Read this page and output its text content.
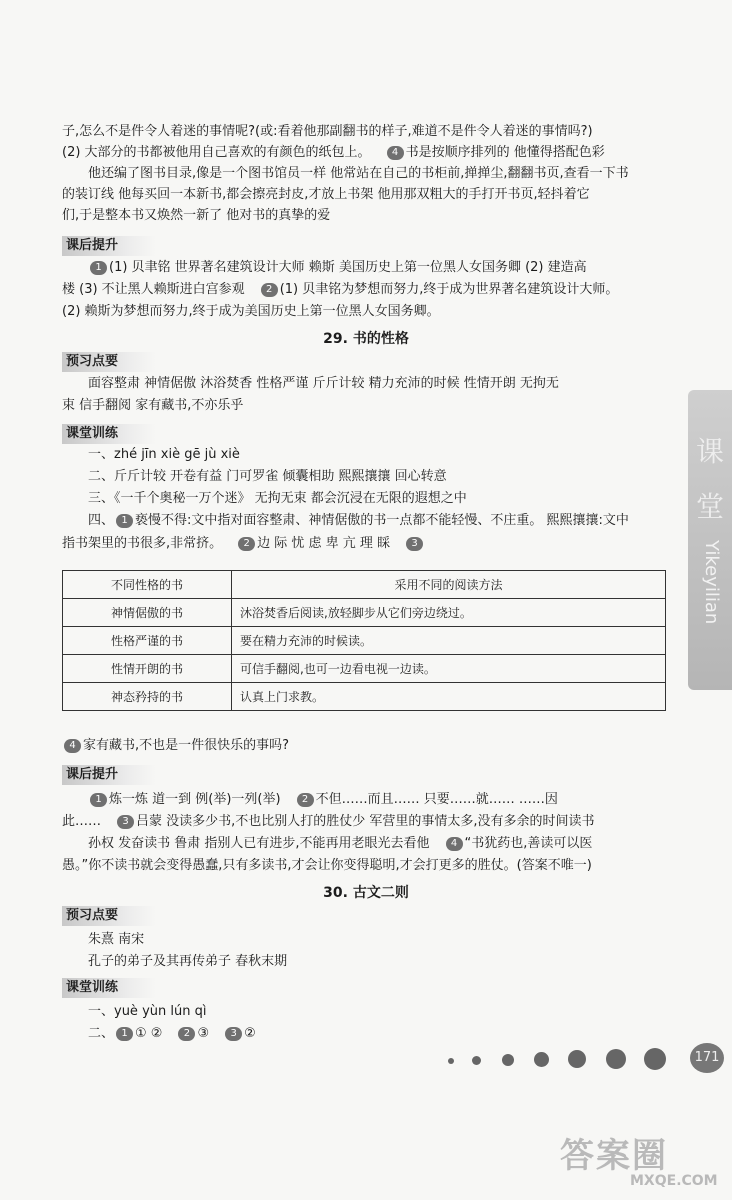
子,怎么不是件令人着迷的事情呢?(或:看着他那副翻书的样子,难道不是件令人着迷的事情吗?)
(2) 大部分的书都被他用自己喜欢的有颜色的纸包上。 4 书是按顺序排列的 他懂得搭配色彩
他还编了图书目录,像是一个图书馆员一样 他常站在自己的书柜前,掸掸尘,翻翻书页,查看一下书
的装订线 他每买回一本新书,都会擦亮封皮,才放上书架 他用那双粗大的手打开书页,轻抖着它
们,于是整本书又焕然一新了 他对书的真挚的爱
课后提升
1 (1) 贝聿铭 世界著名建筑设计大师 赖斯 美国历史上第一位黑人女国务卿 (2) 建造高
楼 (3) 不让黑人赖斯进白宫参观 2 (1) 贝聿铭为梦想而努力,终于成为世界著名建筑设计大师。
(2) 赖斯为梦想而努力,终于成为美国历史上第一位黑人女国务卿。
29. 书的性格
预习点要
面容整肃 神情倨傲 沐浴焚香 性格严谨 斤斤计较 精力充沛的时候 性情开朗 无拘无
束 信手翻阅 家有藏书,不亦乐乎
课堂训练
一、zhé jīn xiè gē jù xiè
二、斤斤计较 开卷有益 门可罗雀 倾囊相助 熙熙攘攘 回心转意
三、《一千个奥秘一万个迷》 无拘无束 都会沉浸在无限的遐想之中
四、 1 亵慢不得:文中指对面容整肃、神情倨傲的书一点都不能轻慢、不庄重。 熙熙攘攘:文中
指书架里的书很多,非常挤。 2 边 际 忧 虑 卑 亢 理 睬 3
不同性格的书	采用不同的阅读方法
神情倨傲的书	沐浴焚香后阅读,放轻脚步从它们旁边绕过。
性格严谨的书	要在精力充沛的时候读。
性情开朗的书	可信手翻阅,也可一边看电视一边读。
神态矜持的书	认真上门求教。
4 家有藏书,不也是一件很快乐的事吗?
课后提升
1 炼一炼 道一到 例(举)一列(举) 2 不但……而且…… 只要……就…… ……因
此…… 3 吕蒙 没读多少书,不也比别人打的胜仗少 军营里的事情太多,没有多余的时间读书
孙权 发奋读书 鲁肃 指别人已有进步,不能再用老眼光去看他 4 “书犹药也,善读可以医
愚。”你不读书就会变得愚蠢,只有多读书,才会让你变得聪明,才会打更多的胜仗。(答案不唯一)
30. 古文二则
预习点要
朱熹 南宋
孔子的弟子及其再传弟子 春秋末期
课堂训练
一、yuè yùn lún qì
二、 1 ① ② 2 ③ 3 ②
课
堂
Yikeyilian
171
答案圈
MXQE.COM
